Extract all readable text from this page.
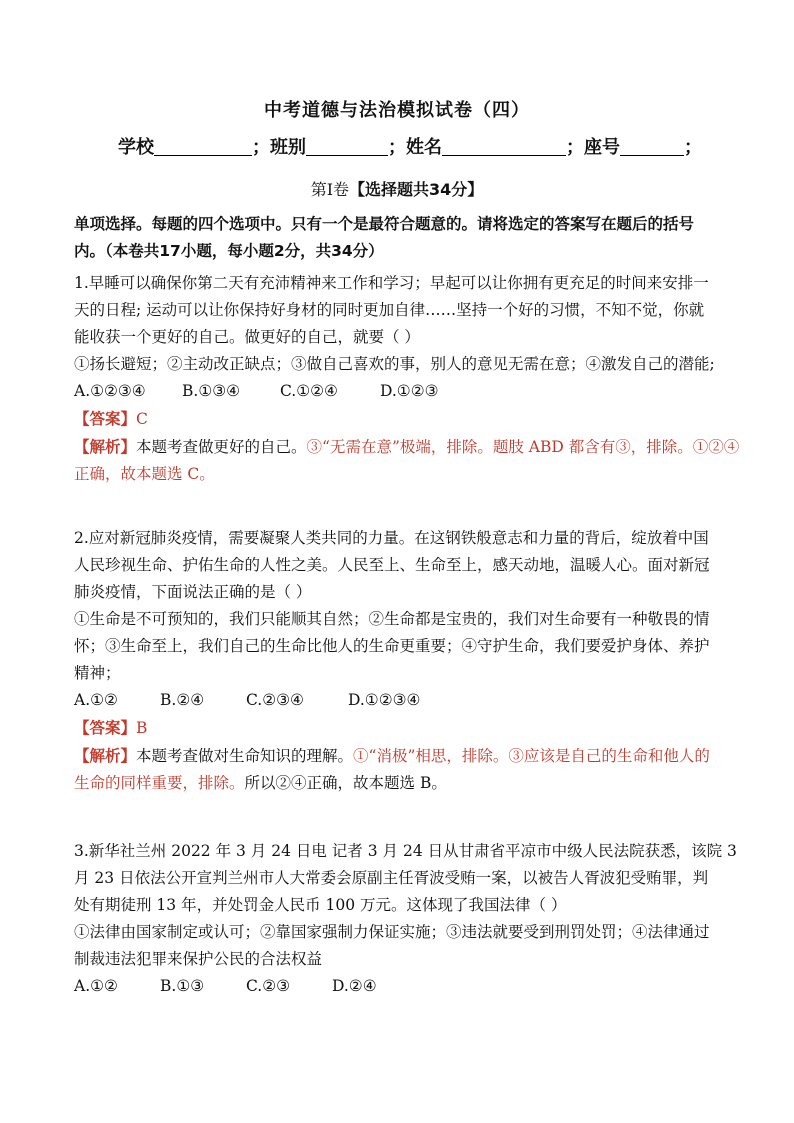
中考道德与法治模拟试卷（四）
学校	；班别	；姓名	；座号	；
第Ⅰ卷【选择题共34分】
单项选择。每题的四个选项中。只有一个是最符合题意的。请将选定的答案写在题后的括号
内。（本卷共17小题，每小题2分，共34分）
1.早睡可以确保你第二天有充沛精神来工作和学习；早起可以让你拥有更充足的时间来安排一
天的日程; 运动可以让你保持好身材的同时更加自律……坚持一个好的习惯，不知不觉，你就
能收获一个更好的自己。做更好的自己，就要（ ）
①扬长避短；②主动改正缺点；③做自己喜欢的事，别人的意见无需在意；④激发自己的潜能;
A.①②③④ B.①③④	C.①②④	D.①②③
【答案】C
【解析】本题考查做更好的自己。③“无需在意”极端，排除。题肢 ABD 都含有③，排除。①②④
正确，故本题选 C。
2.应对新冠肺炎疫情，需要凝聚人类共同的力量。在这钢铁般意志和力量的背后，绽放着中国
人民珍视生命、护佑生命的人性之美。人民至上、生命至上，感天动地，温暖人心。面对新冠
肺炎疫情，下面说法正确的是（ ）
①生命是不可预知的，我们只能顺其自然；②生命都是宝贵的，我们对生命要有一种敬畏的情
怀；③生命至上，我们自己的生命比他人的生命更重要；④守护生命，我们要爱护身体、养护
精神；
A.①②	B.②④	C.②③④	D.①②③④
【答案】B
【解析】本题考查做对生命知识的理解。①“消极”相思，排除。③应该是自己的生命和他人的
生命的同样重要，排除。所以②④正确，故本题选 B。
3.新华社兰州 2022 年 3 月 24 日电 记者 3 月 24 日从甘肃省平凉市中级人民法院获悉，该院 3
月 23 日依法公开宣判兰州市人大常委会原副主任胥波受贿一案，以被告人胥波犯受贿罪，判
处有期徒刑 13 年，并处罚金人民币 100 万元。这体现了我国法律（ ）
①法律由国家制定或认可；②靠国家强制力保证实施；③违法就要受到刑罚处罚；④法律通过
制裁违法犯罪来保护公民的合法权益
A.①②	B.①③	C.②③	D.②④
